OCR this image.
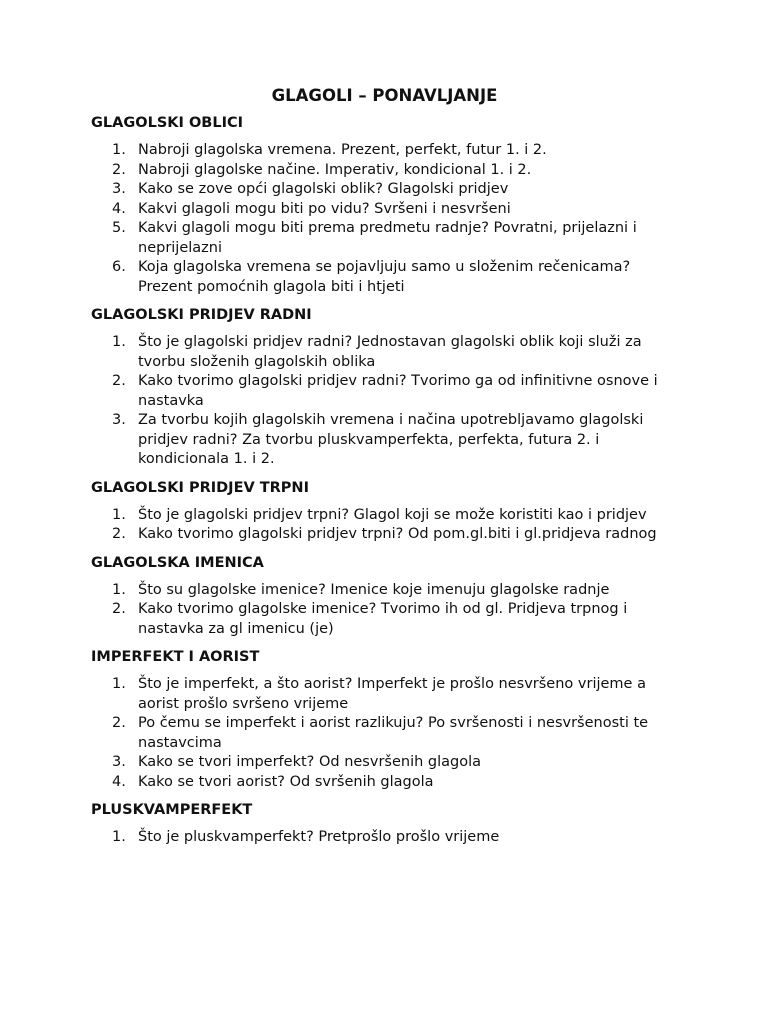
GLAGOLI – PONAVLJANJE
GLAGOLSKI OBLICI
1. Nabroji glagolska vremena. Prezent, perfekt, futur 1. i 2.
2. Nabroji glagolske načine. Imperativ, kondicional 1. i 2.
3. Kako se zove opći glagolski oblik? Glagolski pridjev
4. Kakvi glagoli mogu biti po vidu? Svršeni i nesvršeni
5. Kakvi glagoli mogu biti prema predmetu radnje? Povratni, prijelazni i neprijelazni
6. Koja glagolska vremena se pojavljuju samo u složenim rečenicama? Prezent pomoćnih glagola biti i htjeti
GLAGOLSKI PRIDJEV RADNI
1. Što je glagolski pridjev radni? Jednostavan glagolski oblik koji služi za tvorbu složenih glagolskih oblika
2. Kako tvorimo glagolski pridjev radni? Tvorimo ga od infinitivne osnove i nastavka
3. Za tvorbu kojih glagolskih vremena i načina upotrebljavamo glagolski pridjev radni? Za tvorbu pluskvamperfekta, perfekta, futura 2. i kondicionala 1. i 2.
GLAGOLSKI PRIDJEV TRPNI
1. Što je glagolski pridjev trpni? Glagol koji se može koristiti kao i pridjev
2. Kako tvorimo glagolski pridjev trpni? Od pom.gl.biti i gl.pridjeva radnog
GLAGOLSKA IMENICA
1. Što su glagolske imenice? Imenice koje imenuju glagolske radnje
2. Kako tvorimo glagolske imenice? Tvorimo ih od gl. Pridjeva trpnog i nastavka za gl imenicu (je)
IMPERFEKT I AORIST
1. Što je imperfekt, a što aorist? Imperfekt je prošlo nesvršeno vrijeme a aorist prošlo svršeno vrijeme
2. Po čemu se imperfekt i aorist razlikuju? Po svršenosti i nesvršenosti te nastavcima
3. Kako se tvori imperfekt? Od nesvršenih glagola
4. Kako se tvori aorist? Od svršenih glagola
PLUSKVAMPERFEKT
1. Što je pluskvamperfekt? Pretprošlo prošlo vrijeme
